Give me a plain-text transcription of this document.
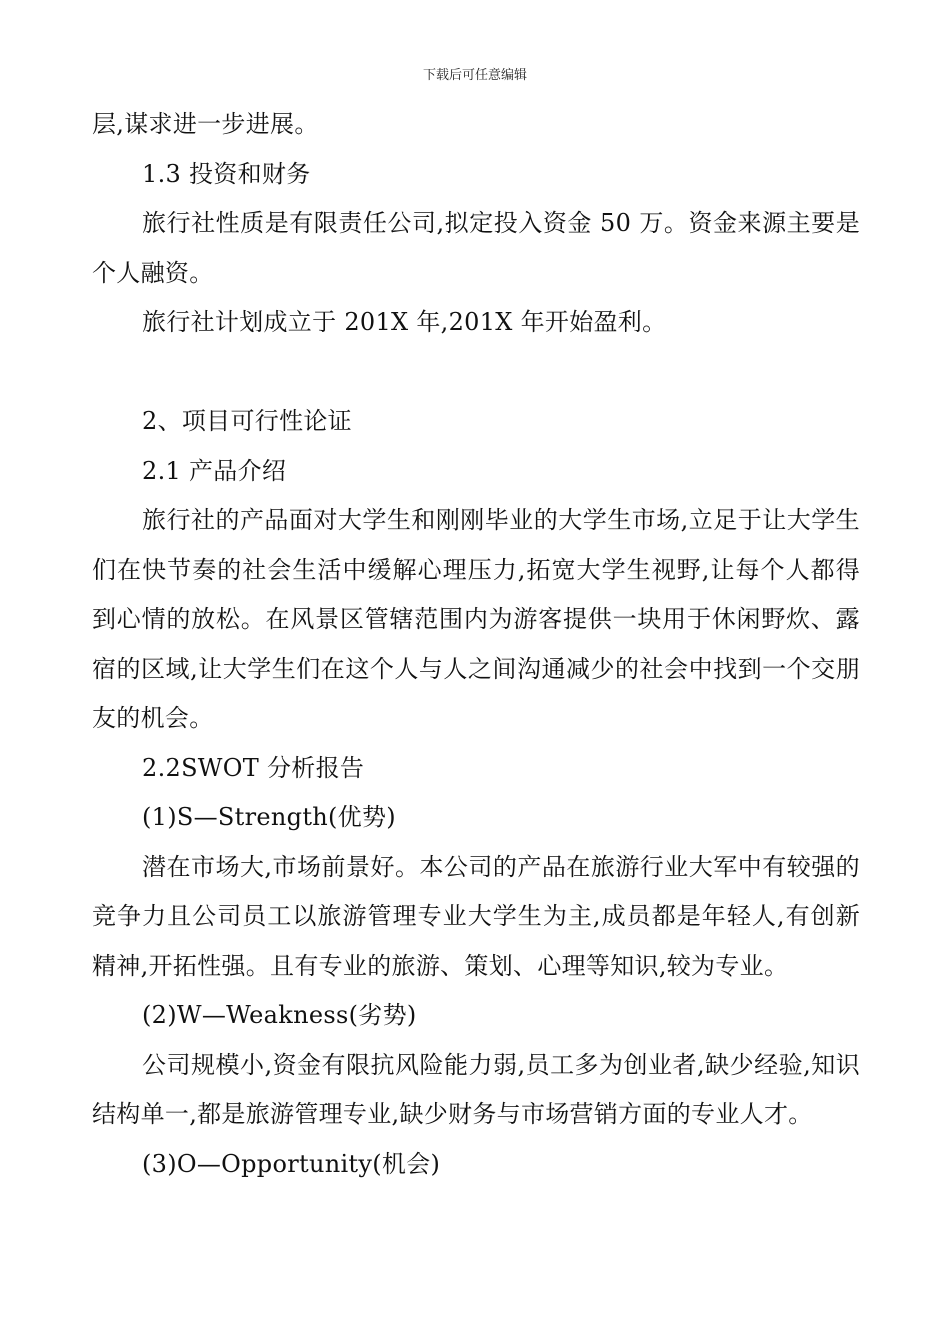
下载后可任意编辑

层,谋求进一步进展。

1.3 投资和财务

旅行社性质是有限责任公司,拟定投入资金 50 万。资金来源主要是个人融资。

旅行社计划成立于 201X 年,201X 年开始盈利。

2、项目可行性论证

2.1 产品介绍

旅行社的产品面对大学生和刚刚毕业的大学生市场,立足于让大学生们在快节奏的社会生活中缓解心理压力,拓宽大学生视野,让每个人都得到心情的放松。在风景区管辖范围内为游客提供一块用于休闲野炊、露宿的区域,让大学生们在这个人与人之间沟通减少的社会中找到一个交朋友的机会。

2.2SWOT 分析报告

(1)S—Strength(优势)

潜在市场大,市场前景好。本公司的产品在旅游行业大军中有较强的竞争力且公司员工以旅游管理专业大学生为主,成员都是年轻人,有创新精神,开拓性强。且有专业的旅游、策划、心理等知识,较为专业。

(2)W—Weakness(劣势)

公司规模小,资金有限抗风险能力弱,员工多为创业者,缺少经验,知识结构单一,都是旅游管理专业,缺少财务与市场营销方面的专业人才。

(3)O—Opportunity(机会)
